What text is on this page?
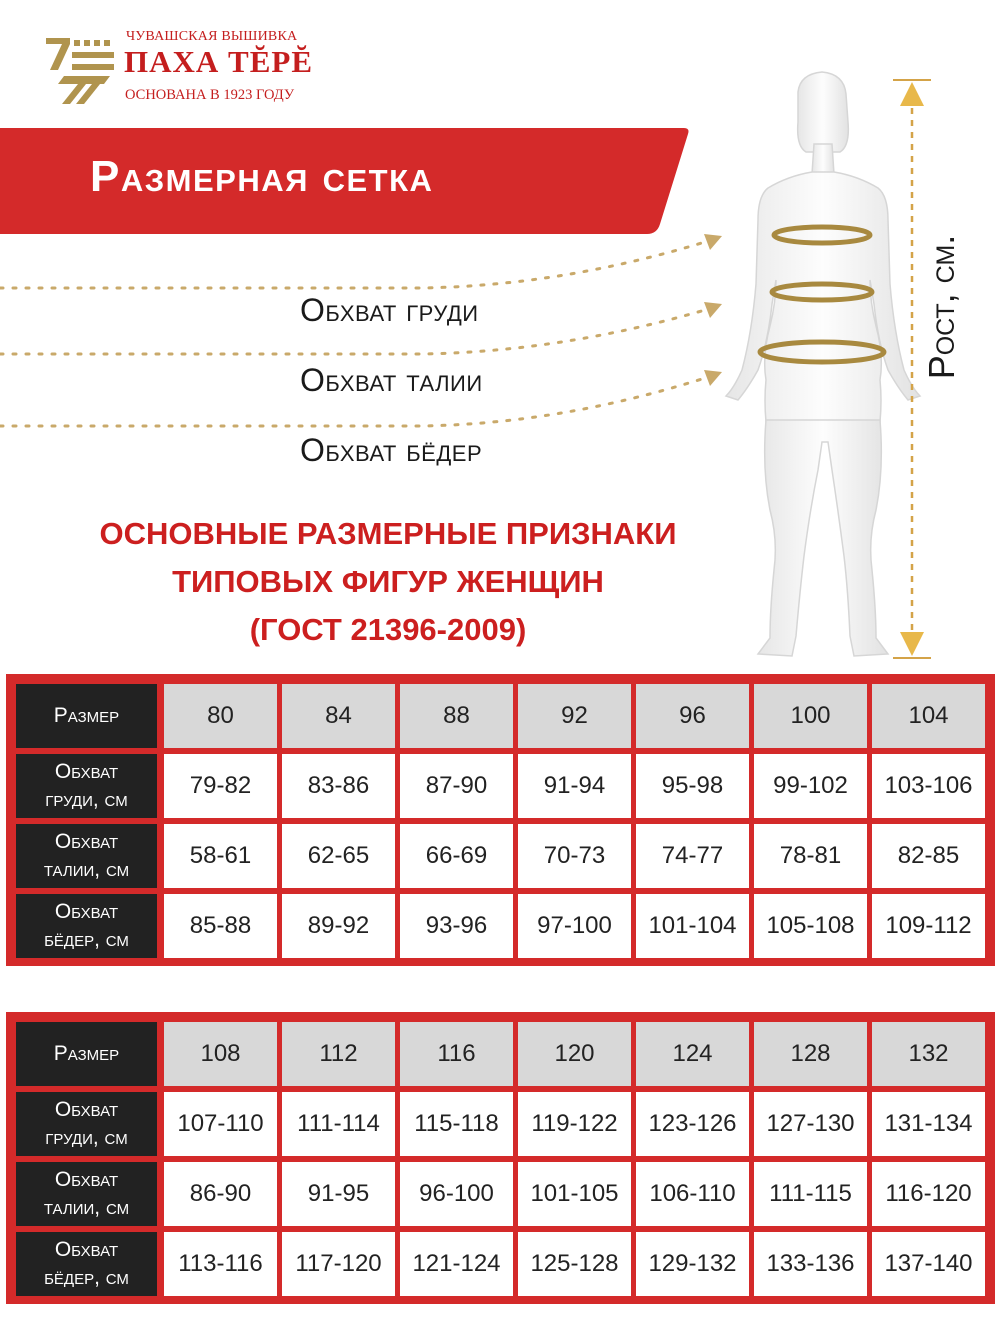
ЧУВАШСКАЯ ВЫШИВКА
ПАХА ТĔРĔ
ОСНОВАНА В 1923 ГОДУ
Размерная сетка
Обхват груди
Обхват талии
Обхват бёдер
Рост, см.
ОСНОВНЫЕ РАЗМЕРНЫЕ ПРИЗНАКИ
ТИПОВЫХ ФИГУР ЖЕНЩИН
(ГОСТ 21396-2009)
Размер	80	84	88	92	96	100	104
Обхват
груди, см
79-82	83-86	87-90	91-94	95-98	99-102	103-106
Обхват
талии, см
58-61	62-65	66-69	70-73	74-77	78-81	82-85
Обхват
бёдер, см
85-88	89-92	93-96	97-100	101-104	105-108	109-112
Размер	108	112	116	120	124	128	132
Обхват
груди, см
107-110	111-114	115-118	119-122	123-126	127-130	131-134
Обхват
талии, см
86-90	91-95	96-100	101-105	106-110	111-115	116-120
Обхват
бёдер, см
113-116	117-120	121-124	125-128	129-132	133-136	137-140
